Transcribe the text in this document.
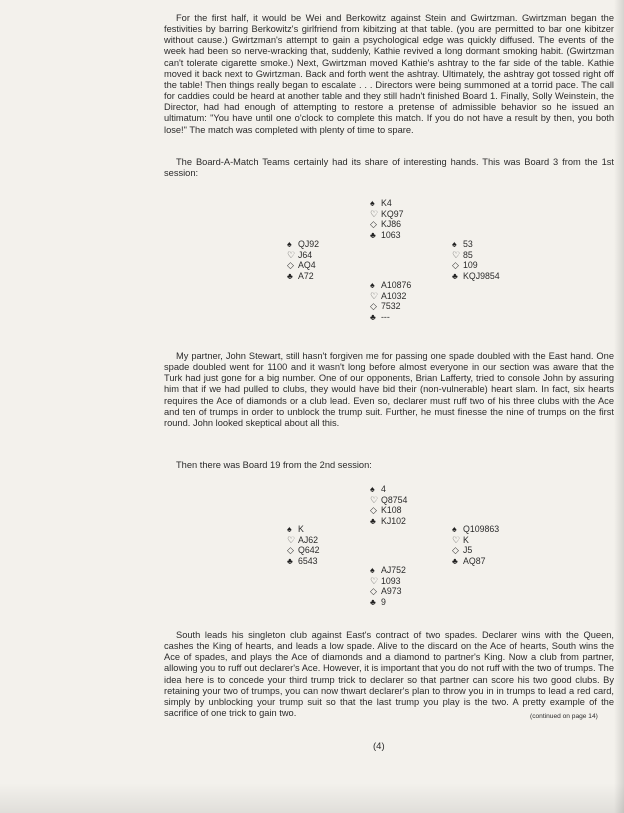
For the first half, it would be Wei and Berkowitz against Stein and Gwirtzman. Gwirtzman began the festivities by barring Berkowitz's girlfriend from kibitzing at that table. (you are permitted to bar one kibitzer without cause.) Gwirtzman's attempt to gain a psychological edge was quickly diffused. The events of the week had been so nerve-wracking that, suddenly, Kathie revived a long dormant smoking habit. (Gwirtzman can't tolerate cigarette smoke.) Next, Gwirtzman moved Kathie's ashtray to the far side of the table. Kathie moved it back next to Gwirtzman. Back and forth went the ashtray. Ultimately, the ashtray got tossed right off the table! Then things really began to escalate . . . Directors were being summoned at a torrid pace. The call for caddies could be heard at another table and they still hadn't finished Board 1. Finally, Solly Weinstein, the Director, had had enough of attempting to restore a pretense of admissible behavior so he issued an ultimatum: "You have until one o'clock to complete this match. If you do not have a result by then, you both lose!" The match was completed with plenty of time to spare.
The Board-A-Match Teams certainly had its share of interesting hands. This was Board 3 from the 1st session:
♠ K4
♡ KQ97
◇ KJ86
♣ 1063
♠ QJ92
♡ J64
◇ AQ4
♣ A72
♠ 53
♡ 85
◇ 109
♣ KQJ9854
♠ A10876
♡ A1032
◇ 7532
♣ ---
My partner, John Stewart, still hasn't forgiven me for passing one spade doubled with the East hand. One spade doubled went for 1100 and it wasn't long before almost everyone in our section was aware that the Turk had just gone for a big number. One of our opponents, Brian Lafferty, tried to console John by assuring him that if we had pulled to clubs, they would have bid their (non-vulnerable) heart slam. In fact, six hearts requires the Ace of diamonds or a club lead. Even so, declarer must ruff two of his three clubs with the Ace and ten of trumps in order to unblock the trump suit. Further, he must finesse the nine of trumps on the first round. John looked skeptical about all this.
Then there was Board 19 from the 2nd session:
♠ 4
♡ Q8754
◇ K108
♣ KJ102
♠ K
♡ AJ62
◇ Q642
♣ 6543
♠ Q109863
♡ K
◇ J5
♣ AQ87
♠ AJ752
♡ 1093
◇ A973
♣ 9
South leads his singleton club against East's contract of two spades. Declarer wins with the Queen, cashes the King of hearts, and leads a low spade. Alive to the discard on the Ace of hearts, South wins the Ace of spades, and plays the Ace of diamonds and a diamond to partner's King. Now a club from partner, allowing you to ruff out declarer's Ace. However, it is important that you do not ruff with the two of trumps. The idea here is to concede your third trump trick to declarer so that partner can score his two good clubs. By retaining your two of trumps, you can now thwart declarer's plan to throw you in in trumps to lead a red card, simply by unblocking your trump suit so that the last trump you play is the two. A pretty example of the sacrifice of one trick to gain two.	(continued on page 14)
(4)
